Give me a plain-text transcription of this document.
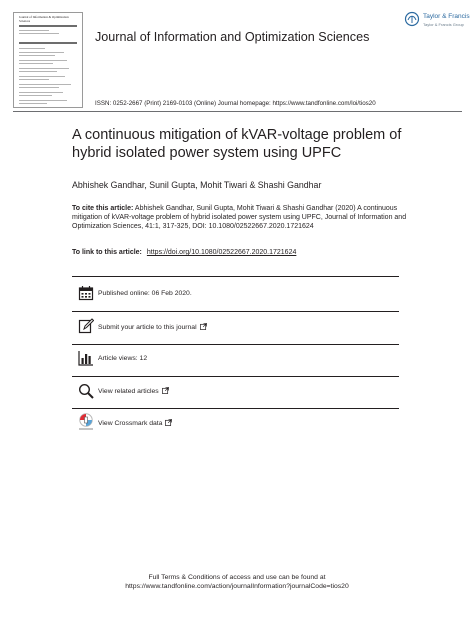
Journal of Information & Optimization Sciences
Journal of Information and Optimization Sciences
Taylor & Francis
Taylor & Francis Group
ISSN: 0252-2667 (Print) 2169-0103 (Online) Journal homepage: https://www.tandfonline.com/loi/tios20
A continuous mitigation of kVAR-voltage problem of hybrid isolated power system using UPFC
Abhishek Gandhar, Sunil Gupta, Mohit Tiwari & Shashi Gandhar
To cite this article: Abhishek Gandhar, Sunil Gupta, Mohit Tiwari & Shashi Gandhar (2020) A continuous mitigation of kVAR-voltage problem of hybrid isolated power system using UPFC, Journal of Information and Optimization Sciences, 41:1, 317-325, DOI: 10.1080/02522667.2020.1721624
To link to this article: https://doi.org/10.1080/02522667.2020.1721624
Published online: 06 Feb 2020.
Submit your article to this journal
Article views: 12
View related articles
View Crossmark data
Full Terms & Conditions of access and use can be found at
https://www.tandfonline.com/action/journalInformation?journalCode=tios20
